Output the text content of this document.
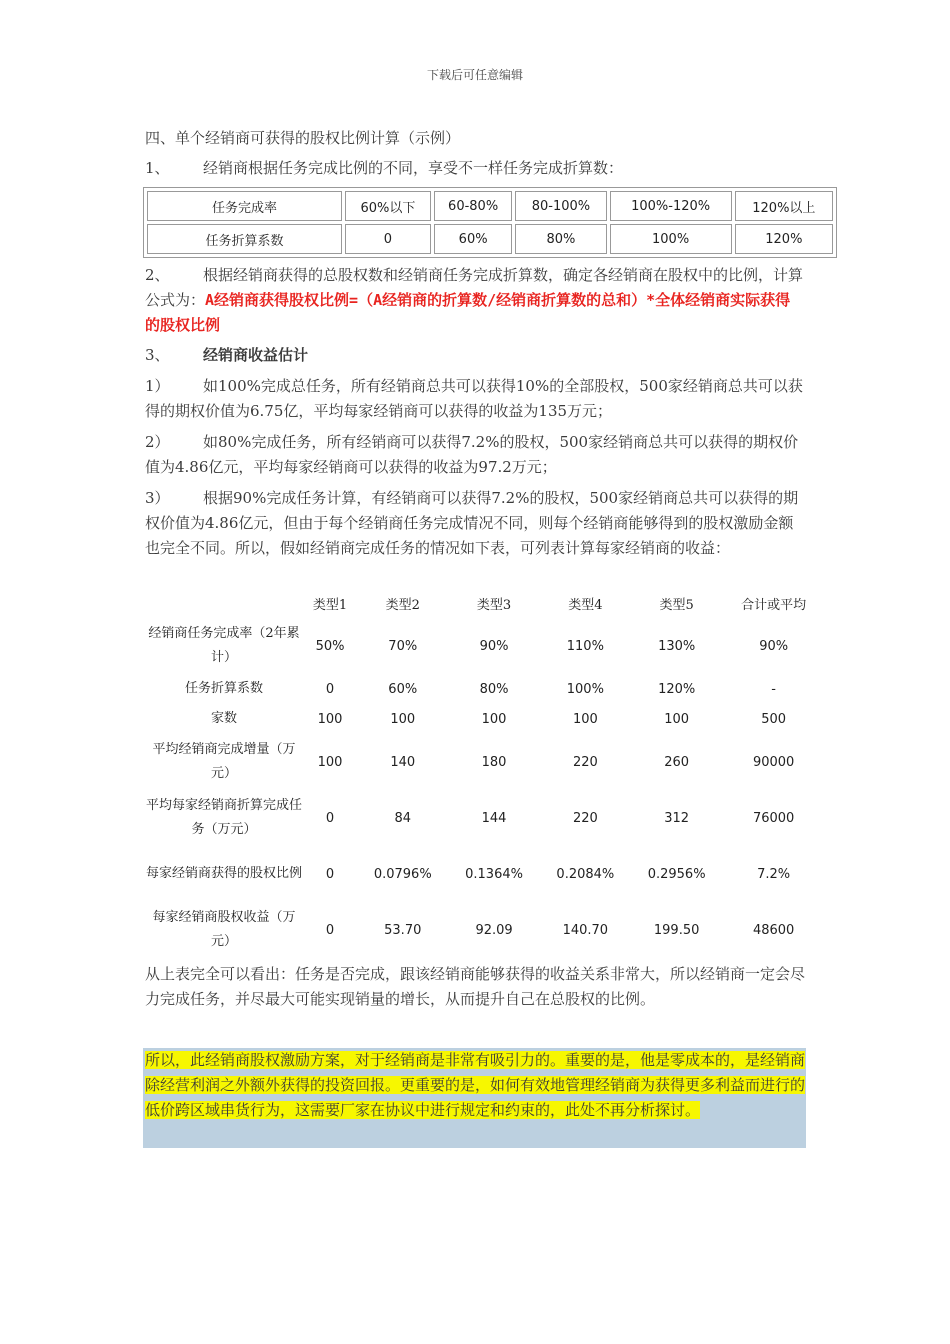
下载后可任意编辑
四、单个经销商可获得的股权比例计算（示例）
1、 经销商根据任务完成比例的不同，享受不一样任务完成折算数：
任务完成率	60%以下	60-80%	80-100%	100%-120%	120%以上
任务折算系数	0	60%	80%	100%	120%
2、 根据经销商获得的总股权数和经销商任务完成折算数，确定各经销商在股权中的比例，计算公式为：A经销商获得股权比例=（A经销商的折算数/经销商折算数的总和）*全体经销商实际获得的股权比例
3、 经销商收益估计
1） 如100%完成总任务，所有经销商总共可以获得10%的全部股权，500家经销商总共可以获得的期权价值为6.75亿，平均每家经销商可以获得的收益为135万元；
2） 如80%完成任务，所有经销商可以获得7.2%的股权，500家经销商总共可以获得的期权价值为4.86亿元，平均每家经销商可以获得的收益为97.2万元；
3） 根据90%完成任务计算，有经销商可以获得7.2%的股权，500家经销商总共可以获得的期权价值为4.86亿元，但由于每个经销商任务完成情况不同，则每个经销商能够得到的股权激励金额也完全不同。所以，假如经销商完成任务的情况如下表，可列表计算每家经销商的收益：
	类型1	类型2	类型3	类型4	类型5	合计或平均
经销商任务完成率（2年累计）	50%	70%	90%	110%	130%	90%
任务折算系数	0	60%	80%	100%	120%	-
家数	100	100	100	100	100	500
平均经销商完成增量（万元）	100	140	180	220	260	90000
平均每家经销商折算完成任务（万元）	0	84	144	220	312	76000
每家经销商获得的股权比例	0	0.0796%	0.1364%	0.2084%	0.2956%	7.2%
每家经销商股权收益（万元）	0	53.70	92.09	140.70	199.50	48600
从上表完全可以看出：任务是否完成，跟该经销商能够获得的收益关系非常大，所以经销商一定会尽力完成任务，并尽最大可能实现销量的增长，从而提升自己在总股权的比例。
所以，此经销商股权激励方案，对于经销商是非常有吸引力的。重要的是，他是零成本的，是经销商除经营利润之外额外获得的投资回报。更重要的是，如何有效地管理经销商为获得更多利益而进行的低价跨区域串货行为，这需要厂家在协议中进行规定和约束的，此处不再分析探讨。
